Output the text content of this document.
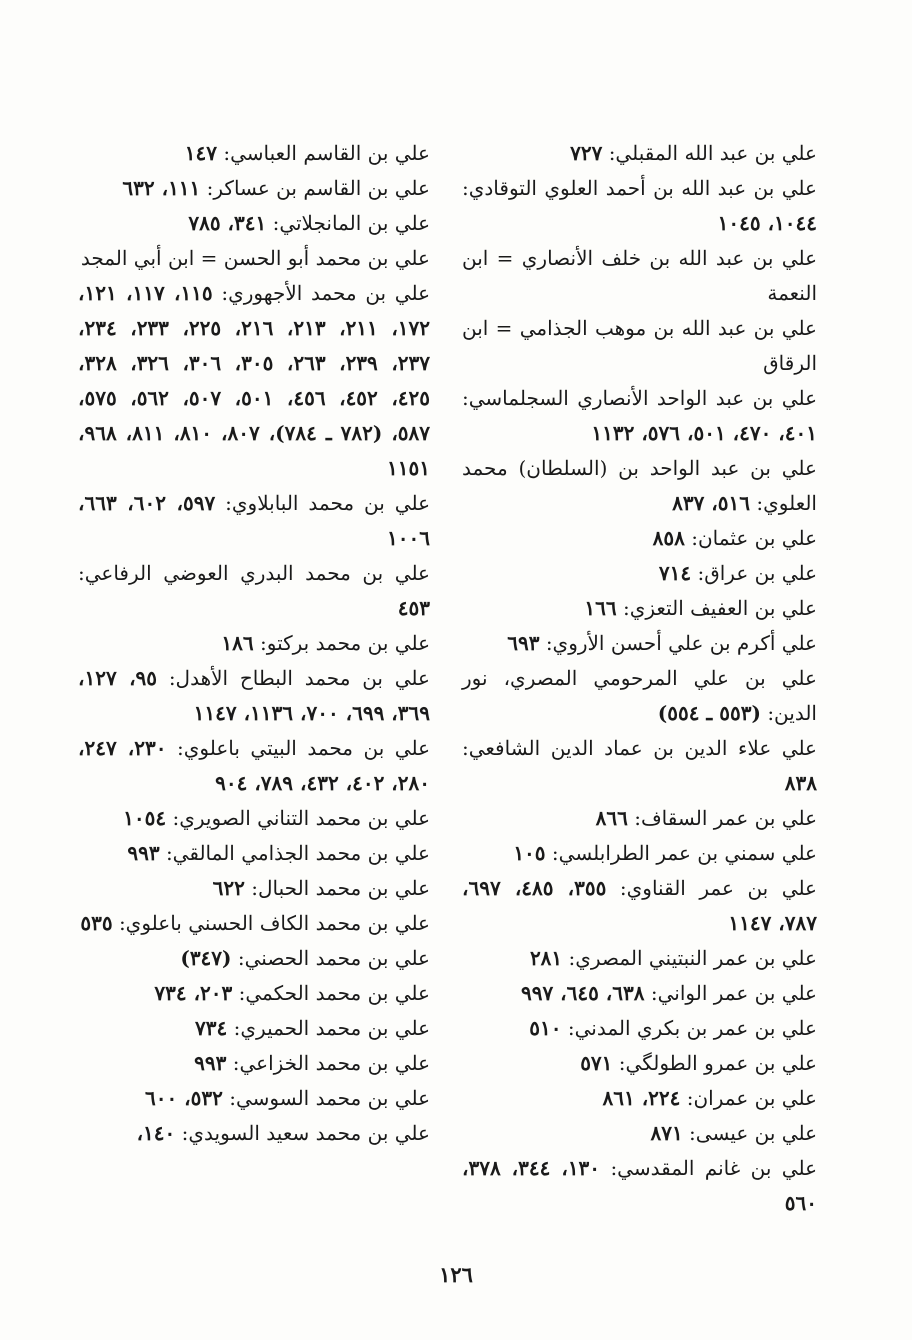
علي بن عبد الله المقبلي: ٧٢٧
علي بن عبد الله بن أحمد العلوي التوقادي: ١٠٤٤، ١٠٤٥
علي بن عبد الله بن خلف الأنصاري = ابن النعمة
علي بن عبد الله بن موهب الجذامي = ابن الرقاق
علي بن عبد الواحد الأنصاري السجلماسي: ٤٠١، ٤٧٠، ٥٠١، ٥٧٦، ١١٣٢
علي بن عبد الواحد بن (السلطان) محمد العلوي: ٥١٦، ٨٣٧
علي بن عثمان: ٨٥٨
علي بن عراق: ٧١٤
علي بن العفيف التعزي: ١٦٦
علي أكرم بن علي أحسن الأروي: ٦٩٣
علي بن علي المرحومي المصري، نور الدين: (٥٥٣ ـ ٥٥٤)
علي علاء الدين بن عماد الدين الشافعي: ٨٣٨
علي بن عمر السقاف: ٨٦٦
علي سمني بن عمر الطرابلسي: ١٠٥
علي بن عمر القناوي: ٣٥٥، ٤٨٥، ٦٩٧، ٧٨٧، ١١٤٧
علي بن عمر النبتيني المصري: ٢٨١
علي بن عمر الواني: ٦٣٨، ٦٤٥، ٩٩٧
علي بن عمر بن بكري المدني: ٥١٠
علي بن عمرو الطولگي: ٥٧١
علي بن عمران: ٢٢٤، ٨٦١
علي بن عيسى: ٨٧١
علي بن غانم المقدسي: ١٣٠، ٣٤٤، ٣٧٨، ٥٦٠
علي بن القاسم العباسي: ١٤٧
علي بن القاسم بن عساكر: ١١١، ٦٣٢
علي بن المانجلاتي: ٣٤١، ٧٨٥
علي بن محمد أبو الحسن = ابن أبي المجد
علي بن محمد الأجهوري: ١١٥، ١١٧، ١٢١، ١٧٢، ٢١١، ٢١٣، ٢١٦، ٢٢٥، ٢٣٣، ٢٣٤، ٢٣٧، ٢٣٩، ٢٦٣، ٣٠٥، ٣٠٦، ٣٢٦، ٣٢٨، ٤٢٥، ٤٥٢، ٤٥٦، ٥٠١، ٥٠٧، ٥٦٢، ٥٧٥، ٥٨٧، (٧٨٢ ـ ٧٨٤)، ٨٠٧، ٨١٠، ٨١١، ٩٦٨، ١١٥١
علي بن محمد البابلاوي: ٥٩٧، ٦٠٢، ٦٦٣، ١٠٠٦
علي بن محمد البدري العوضي الرفاعي: ٤٥٣
علي بن محمد بركتو: ١٨٦
علي بن محمد البطاح الأهدل: ٩٥، ١٢٧، ٣٦٩، ٦٩٩، ٧٠٠، ١١٣٦، ١١٤٧
علي بن محمد البيتي باعلوي: ٢٣٠، ٢٤٧، ٢٨٠، ٤٠٢، ٤٣٢، ٧٨٩، ٩٠٤
علي بن محمد التناني الصويري: ١٠٥٤
علي بن محمد الجذامي المالقي: ٩٩٣
علي بن محمد الحبال: ٦٢٢
علي بن محمد الكاف الحسني باعلوي: ٥٣٥
علي بن محمد الحصني: (٣٤٧)
علي بن محمد الحكمي: ٢٠٣، ٧٣٤
علي بن محمد الحميري: ٧٣٤
علي بن محمد الخزاعي: ٩٩٣
علي بن محمد السوسي: ٥٣٢، ٦٠٠
علي بن محمد سعيد السويدي: ١٤٠،
١٢٦
